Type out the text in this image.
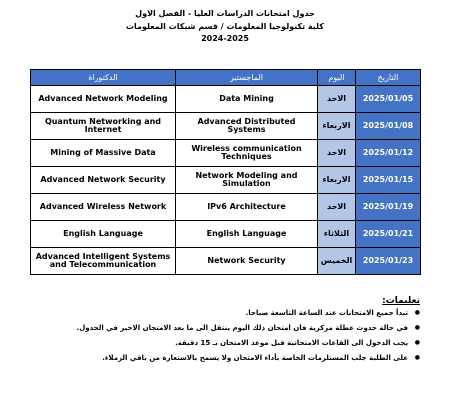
جدول امتحانات الدراسات العليا - الفصل الاول
كلية تكنولوجيا المعلومات / قسم شبكات المعلومات
2024-2025
الدكتوراة	الماجستير	اليوم	التاريخ
Advanced Network Modeling	Data Mining	الاحد	2025/01/05
Quantum Networking and Internet	Advanced Distributed Systems	الاربعاء	2025/01/08
Mining of Massive Data	Wireless communication Techniques	الاحد	2025/01/12
Advanced Network Security	Network Modeling and Simulation	الاربعاء	2025/01/15
Advanced Wireless Network	IPv6 Architecture	الاحد	2025/01/19
English Language	English Language	الثلاثاء	2025/01/21
Advanced Intelligent Systems and Telecommunication	Network Security	الخميس	2025/01/23
تعليمات:
● تبدأ جميع الامتحانات عند الساعة التاسعة صباحا.
● في حالة حدوث عطلة مركزية فان امتحان ذلك اليوم ينتقل الى ما بعد الامتحان الاخير في الجدول.
● يجب الدخول الى القاعات الامتحانية قبل موعد الامتحان بـ 15 دقيقة.
● على الطلبة جلب المستلزمات الخاصة بأداء الامتحان ولا يسمح بالاستعارة من باقي الزملاء.
